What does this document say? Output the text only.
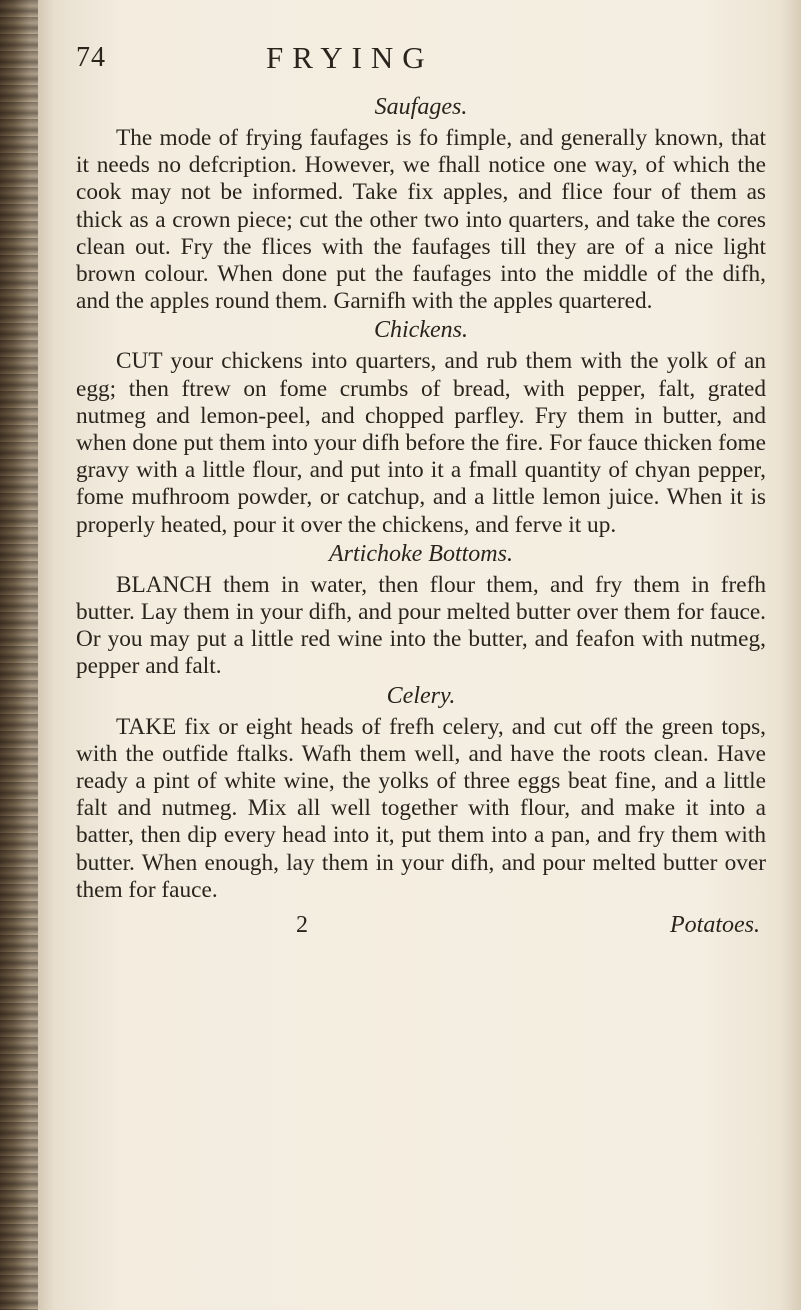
74	FRYING
Saufages.

The mode of frying faufages is fo fimple, and generally known, that it needs no defcription. However, we fhall notice one way, of which the cook may not be informed. Take fix apples, and flice four of them as thick as a crown piece; cut the other two into quarters, and take the cores clean out. Fry the flices with the faufages till they are of a nice light brown colour. When done put the faufages into the middle of the difh, and the apples round them. Garnifh with the apples quartered.

Chickens.

CUT your chickens into quarters, and rub them with the yolk of an egg; then ftrew on fome crumbs of bread, with pepper, falt, grated nutmeg and lemon-peel, and chopped parfley. Fry them in butter, and when done put them into your difh before the fire. For fauce thicken fome gravy with a little flour, and put into it a fmall quantity of chyan pepper, fome mufhroom powder, or catchup, and a little lemon juice. When it is properly heated, pour it over the chickens, and ferve it up.

Artichoke Bottoms.

BLANCH them in water, then flour them, and fry them in frefh butter. Lay them in your difh, and pour melted butter over them for fauce. Or you may put a little red wine into the butter, and feafon with nutmeg, pepper and falt.

Celery.

TAKE fix or eight heads of frefh celery, and cut off the green tops, with the outfide ftalks. Wafh them well, and have the roots clean. Have ready a pint of white wine, the yolks of three eggs beat fine, and a little falt and nutmeg. Mix all well together with flour, and make it into a batter, then dip every head into it, put them into a pan, and fry them with butter. When enough, lay them in your difh, and pour melted butter over them for fauce.

2	Potatoes.
